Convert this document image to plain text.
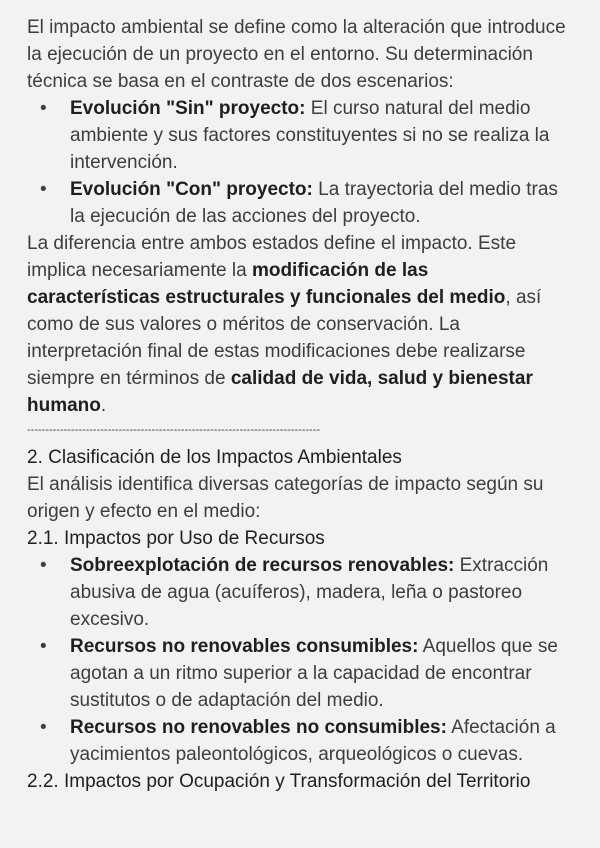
El impacto ambiental se define como la alteración que introduce la ejecución de un proyecto en el entorno. Su determinación técnica se basa en el contraste de dos escenarios:

• Evolución "Sin" proyecto: El curso natural del medio ambiente y sus factores constituyentes si no se realiza la intervención.
• Evolución "Con" proyecto: La trayectoria del medio tras la ejecución de las acciones del proyecto.

La diferencia entre ambos estados define el impacto. Este implica necesariamente la modificación de las características estructurales y funcionales del medio, así como de sus valores o méritos de conservación. La interpretación final de estas modificaciones debe realizarse siempre en términos de calidad de vida, salud y bienestar humano.

--------------------------------------------------------------------------------

2. Clasificación de los Impactos Ambientales

El análisis identifica diversas categorías de impacto según su origen y efecto en el medio:

2.1. Impactos por Uso de Recursos

• Sobreexplotación de recursos renovables: Extracción abusiva de agua (acuíferos), madera, leña o pastoreo excesivo.
• Recursos no renovables consumibles: Aquellos que se agotan a un ritmo superior a la capacidad de encontrar sustitutos o de adaptación del medio.
• Recursos no renovables no consumibles: Afectación a yacimientos paleontológicos, arqueológicos o cuevas.

2.2. Impactos por Ocupación y Transformación del Territorio
